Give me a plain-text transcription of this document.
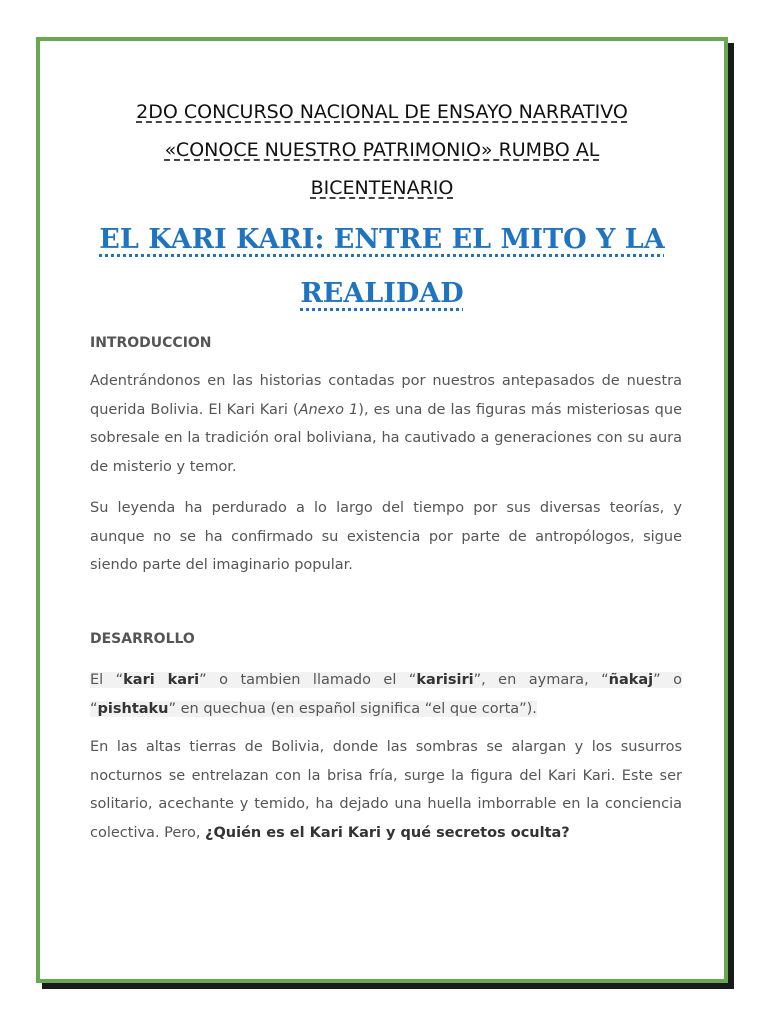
2DO CONCURSO NACIONAL DE ENSAYO NARRATIVO
«CONOCE NUESTRO PATRIMONIO» RUMBO AL
BICENTENARIO
EL KARI KARI: ENTRE EL MITO Y LA
REALIDAD
INTRODUCCION
Adentrándonos en las historias contadas por nuestros antepasados de nuestra querida Bolivia. El Kari Kari (Anexo 1), es una de las figuras más misteriosas que sobresale en la tradición oral boliviana, ha cautivado a generaciones con su aura de misterio y temor.
Su leyenda ha perdurado a lo largo del tiempo por sus diversas teorías, y aunque no se ha confirmado su existencia por parte de antropólogos, sigue siendo parte del imaginario popular.
DESARROLLO
El “kari kari” o tambien llamado el “karisiri”, en aymara, “ñakaj” o “pishtaku” en quechua (en español significa “el que corta”).
En las altas tierras de Bolivia, donde las sombras se alargan y los susurros nocturnos se entrelazan con la brisa fría, surge la figura del Kari Kari. Este ser solitario, acechante y temido, ha dejado una huella imborrable en la conciencia colectiva. Pero, ¿Quién es el Kari Kari y qué secretos oculta?
